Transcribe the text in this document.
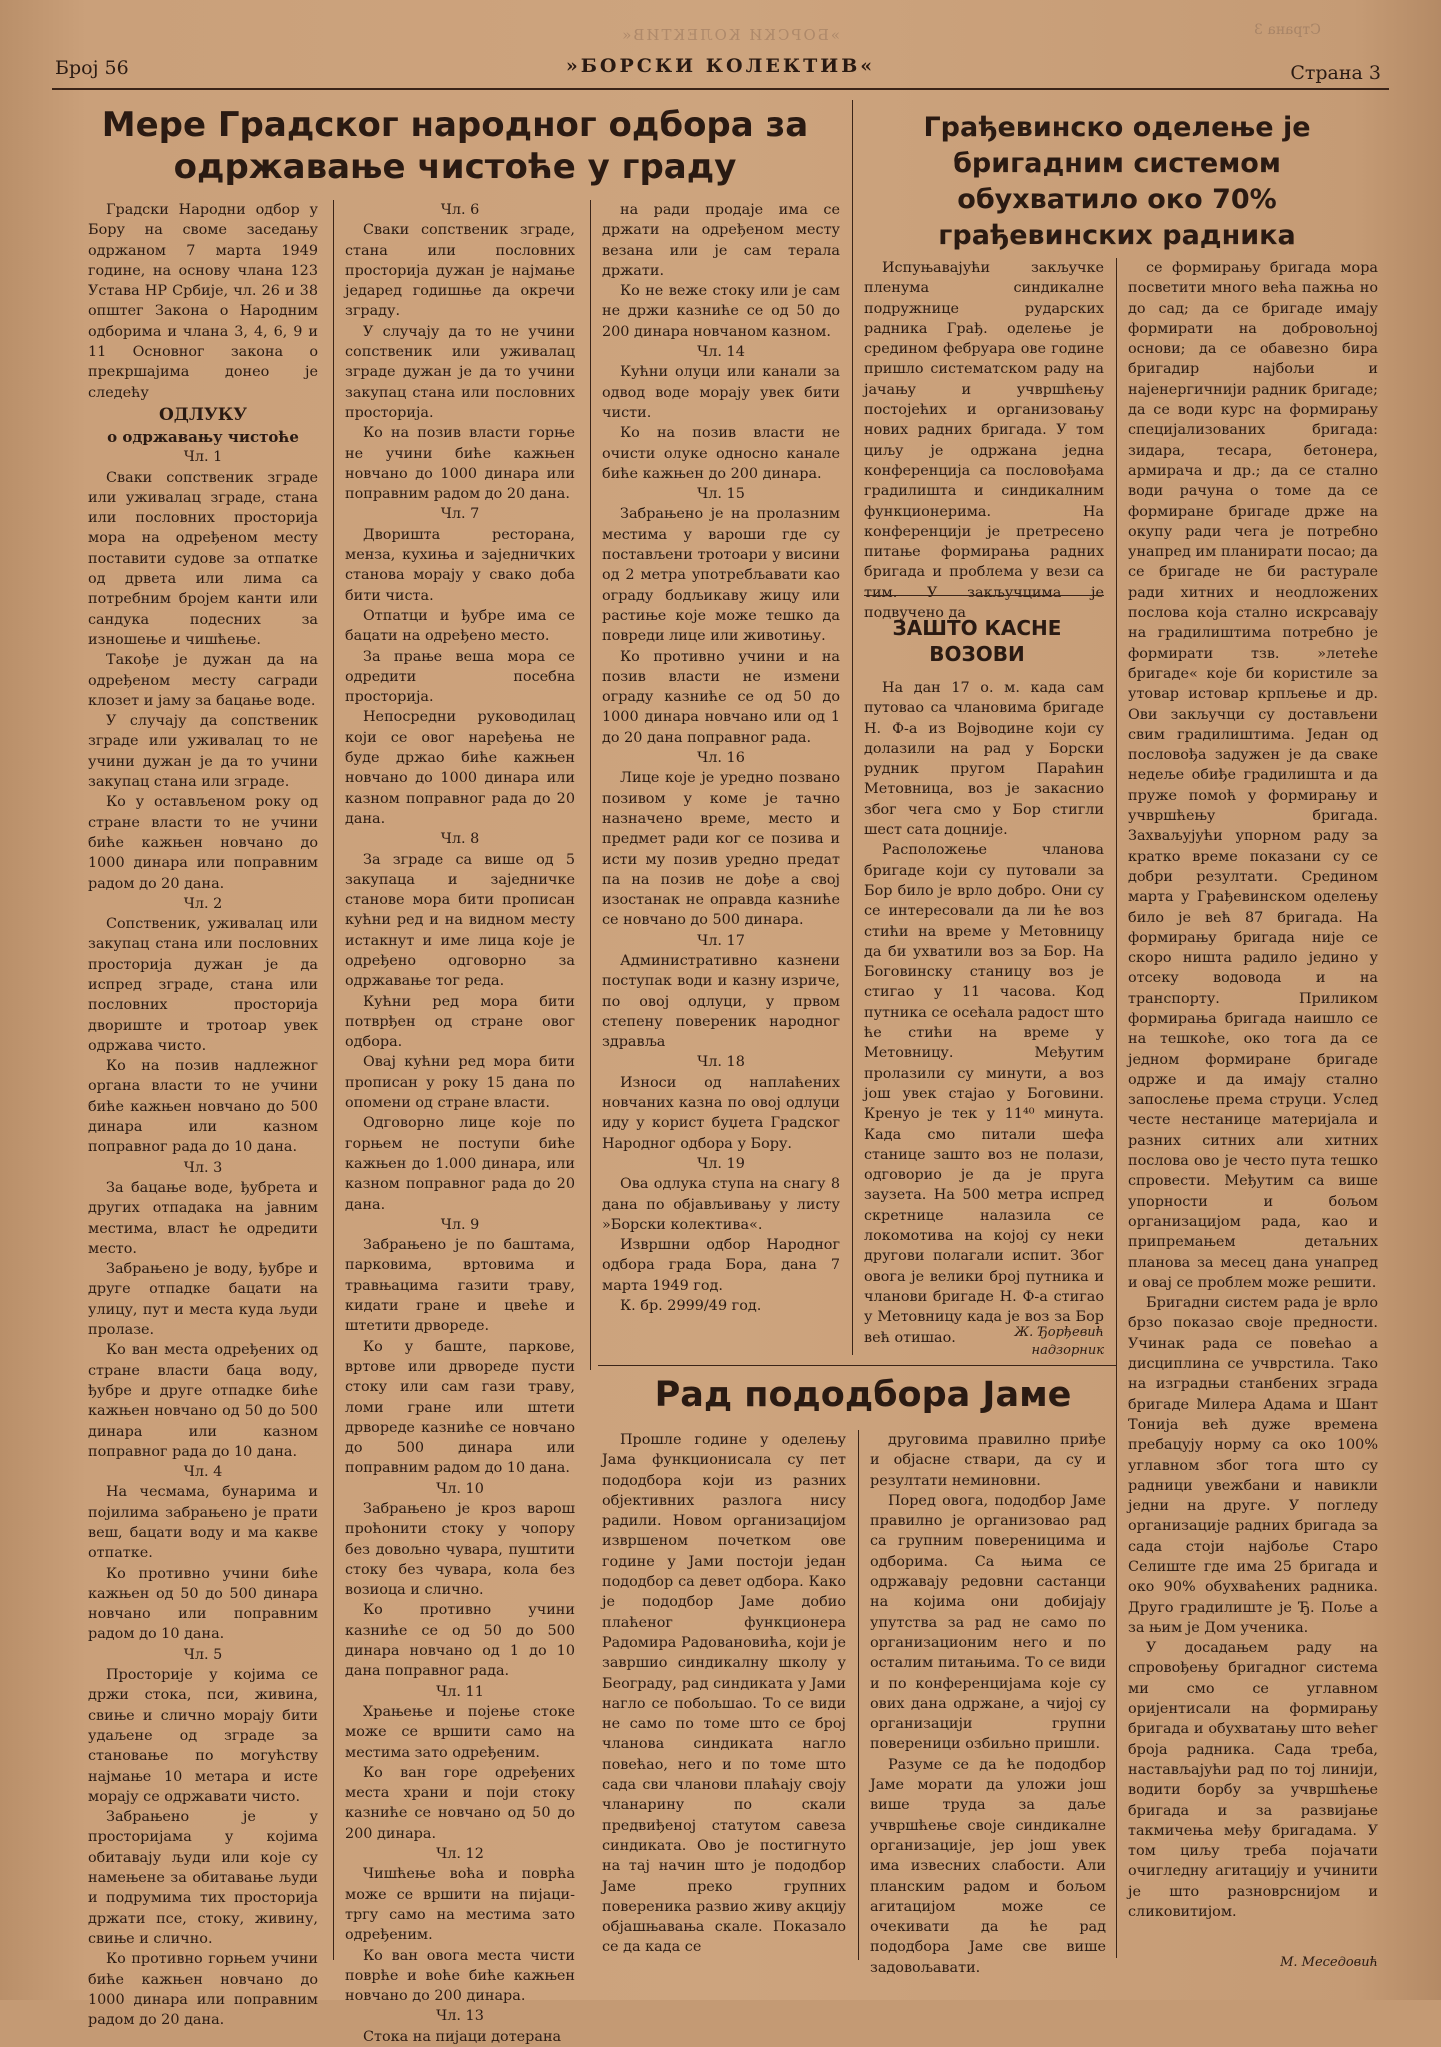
»БОРСКИ КОЛЕКТИВ«	Страна 3
Број 56	»БОРСКИ КОЛЕКТИВ«	Страна 3
Мере Градског народног одбора за одржавање чистоће у граду

Градски Народни одбор у Бору на своме заседању одржаном 7 марта 1949 године, на основу члана 123 Устава НР Србије, чл. 26 и 38 општег Закона о Народним одборима и члана 3, 4, 6, 9 и 11 Основног закона о прекршајима донео је следећу

ОДЛУКУ

о одржавању чистоће

Чл. 1

Сваки сопственик зграде или уживалац зграде, стана или пословних просторија мора на одређеном месту поставити судове за отпатке од дрвета или лима са потребним бројем канти или сандука подесних за изношење и чишћење.

Такође је дужан да на одређеном месту сагради клозет и јаму за бацање воде.

У случају да сопственик зграде или уживалац то не учини дужан је да то учини закупац стана или зграде.

Ко у остављеном року од стране власти то не учини биће кажњен новчано до 1000 динара или поправним радом до 20 дана.

Чл. 2

Сопственик, уживалац или закупац стана или пословних просторија дужан је да испред зграде, стана или пословних просторија двориште и тротоар увек одржава чисто.

Ко на позив надлежног органа власти то не учини биће кажњен новчано до 500 динара или казном поправног рада до 10 дана.

Чл. 3

За бацање воде, ђубрета и других отпадака на јавним местима, власт ће одредити место.

Забрањено је воду, ђубре и друге отпадке бацати на улицу, пут и места куда људи пролазе.

Ко ван места одређених од стране власти баца воду, ђубре и друге отпадке биће кажњен новчано од 50 до 500 динара или казном поправног рада до 10 дана.

Чл. 4

На чесмама, бунарима и појилима забрањено је прати веш, бацати воду и ма какве отпатке.

Ко противно учини биће кажњен од 50 до 500 динара новчано или поправним радом до 10 дана.

Чл. 5

Просторије у којима се држи стока, пси, живина, свиње и слично морају бити удаљене од зграде за становање по могућству најмање 10 метара и исте морају се одржавати чисто.

Забрањено је у просторијама у којима обитавају људи или које су намењене за обитавање људи и подрумима тих просторија држати псе, стоку, живину, свиње и слично.

Ко противно горњем учини биће кажњен новчано до 1000 динара или поправним радом до 20 дана.

Чл. 6

Сваки сопственик зграде, стана или пословних просторија дужан је најмање једаред годишње да окречи зграду.

У случају да то не учини сопственик или уживалац зграде дужан је да то учини закупац стана или пословних просторија.

Ко на позив власти горње не учини биће кажњен новчано до 1000 динара или поправним радом до 20 дана.

Чл. 7

Дворишта ресторана, менза, кухиња и заједничких станова морају у свако доба бити чиста.

Отпатци и ђубре има се бацати на одређено место.

За прање веша мора се одредити посебна просторија.

Непосредни руководилац који се овог наређења не буде држао биће кажњен новчано до 1000 динара или казном поправног рада до 20 дана.

Чл. 8

За зграде са више од 5 закупаца и заједничке станове мора бити прописан кућни ред и на видном месту истакнут и име лица које је одређено одговорно за одржавање тог реда.

Кућни ред мора бити потврђен од стране овог одбора.

Овај кућни ред мора бити прописан у року 15 дана по опомени од стране власти.

Одговорно лице које по горњем не поступи биће кажњен до 1.000 динара, или казном поправног рада до 20 дана.

Чл. 9

Забрањено је по баштама, парковима, вртовима и травњацима газити траву, кидати гране и цвеће и штетити дрвореде.

Ко у баште, паркове, вртове или дрвореде пусти стоку или сам гази траву, ломи гране или штети дрвореде казниће се новчано до 500 динара или поправним радом до 10 дана.

Чл. 10

Забрањено је кроз варош проћонити стоку у чопору без довољно чувара, пуштити стоку без чувара, кола без возиоца и слично.

Ко противно учини казниће се од 50 до 500 динара новчано од 1 до 10 дана поправног рада.

Чл. 11

Храњење и појење стоке може се вршити само на местима зато одређеним.

Ко ван горе одређених места храни и поји стоку казниће се новчано од 50 до 200 динара.

Чл. 12

Чишћење воћа и поврћа може се вршити на пијаци-тргу само на местима зато одређеним.

Ко ван овога места чисти поврће и воће биће кажњен новчано до 200 динара.

Чл. 13

Стока на пијаци дотерана

на ради продаје има се држати на одређеном месту везана или је сам терала држати.

Ко не веже стоку или је сам не држи казниће се од 50 до 200 динара новчаном казном.

Чл. 14

Кућни олуци или канали за одвод воде морају увек бити чисти.

Ко на позив власти не очисти олуке односно канале биће кажњен до 200 динара.

Чл. 15

Забрањено је на пролазним местима у вароши где су постављени тротоари у висини од 2 метра употребљавати као ограду бодљикаву жицу или растиње које може тешко да повреди лице или животињу.

Ко противно учини и на позив власти не измени ограду казниће се од 50 до 1000 динара новчано или од 1 до 20 дана поправног рада.

Чл. 16

Лице које је уредно позвано позивом у коме је тачно назначено време, место и предмет ради ког се позива и исти му позив уредно предат па на позив не дође а свој изостанак не оправда казниће се новчано до 500 динара.

Чл. 17

Административно казнени поступак води и казну изриче, по овој одлуци, у првом степену повереник народног здравља

Чл. 18

Износи од наплаћених новчаних казна по овој одлуци иду у корист буџета Градског Народног одбора у Бору.

Чл. 19

Ова одлука ступа на снагу 8 дана по објављивању у листу »Борски колектива«.

Извршни одбор Народног одбора града Бора, дана 7 марта 1949 год.

К. бр. 2999/49 год.

Грађевинско оделење је бригадним системом обухватило око 70% грађевинских радника

Испуњавајући закључке пленума синдикалне подружнице рударских радника Грађ. оделење је средином фебруара ове године пришло систематском раду на јачању и учвршћењу постојећих и организовању нових радних бригада. У том циљу је одржана једна конференција са пословођама градилишта и синдикалним функционерима. На конференцији је претресено питање формирања радних бригада и проблема у вези са тим. У закључцима је подвучено да

се формирању бригада мора посветити много већа пажња но до сад; да се бригаде имају формирати на добровољној основи; да се обавезно бира бригадир најбољи и најенергичнији радник бригаде; да се води курс на формирању специјализованих бригада: зидара, тесара, бетонера, армирача и др.; да се стално води рачуна о томе да се формиране бригаде држе на окупу ради чега је потребно унапред им планирати посао; да се бригаде не би растурале ради хитних и неодложених послова која стално искрсавају на градилиштима потребно је формирати тзв. »летеће бригаде« које би користиле за утовар истовар крпљење и др. Ови закључци су достављени свим градилиштима. Један од пословођа задужен је да сваке недеље обиђе градилишта и да пружe помоћ у формирању и учвршћењу бригада. Захваљујући упорном раду за кратко време показани су се добри резултати. Средином марта у Грађевинском оделењу било је већ 87 бригада. На формирању бригада није се скоро ништа радило једино у отсеку водовода и на транспорту. Приликом формирања бригада наишло се на тешкоће, око тога да се једном формиране бригаде одрже и да имају стално запослење према струци. Услед честе нестанице материјала и разних ситних али хитних послова ово је често пута тешко спровести. Међутим са више упорности и бољом организацијом рада, као и припремањем детаљних планова за месец дана унапред и овај се проблем може решити.

Бригадни систем рада је врло брзо показао своје предности. Учинак рада се повећао а дисциплина се учврстила. Тако на изградњи станбених зграда бригаде Милера Адама и Шант Тонија већ дуже времена пребацују норму са око 100% углавном због тога што су радници увежбани и навикли једни на друге. У погледу организације радних бригада за сада стоји најбоље Старо Селиште где има 25 бригада и око 90% обухваћених радника. Друго градилиште је Ђ. Поље а за њим је Дом ученика.

У досадањем раду на спровођењу бригадног система ми смо се углавном оријентисали на формирању бригада и обухватању што већег броја радника. Сада треба, настављајући рад по тој линији, водити борбу за учвршћење бригада и за развијање такмичења међу бригадама. У том циљу треба појачати очигледну агитацију и учинити је што разноврснијом и сликовитијом.

М. Меседовић
ЗАШТО КАСНЕ ВОЗОВИ

На дан 17 о. м. када сам путовао са члановима бригаде Н. Ф-а из Војводине који су долазили на рад у Борски рудник пругом Параћин Метовница, воз је закаснио због чега смо у Бор стигли шест сата доцније.

Расположење чланова бригаде који су путовали за Бор било је врло добро. Они су се интересовали да ли ће воз стићи на време у Метовницу да би ухватили воз за Бор. На Боговинску станицу воз је стигао у 11 часова. Код путника се осећала радост што ће стићи на време у Метовницу. Међутим пролазили су минути, а воз још увек стајао у Боговини. Кренуо је тек у 11⁴⁰ минута. Када смо питали шефа станице зашто воз не полази, одговорио је да је пруга заузета. На 500 метра испред скретнице налазила се локомотива на којој су неки другови полагали испит. Због овога је велики број путника и чланови бригаде Н. Ф-а стигао у Метовницу када је воз за Бор већ отишао.	Ж. Ђорђевић
надзорник
Рад пододбора Јаме

Прошле године у оделењу Јама функционисала су пет пододбора који из разних објективних разлога нису радили. Новом организацијом извршеном почетком ове године у Јами постоји један пододбор са девет одбора. Како је пододбор Јаме добио плаћеног функционера Радомира Радовановића, који је завршио синдикалну школу у Београду, рад синдиката у Јами нагло се побољшао. То се види не само по томе што се број чланова синдиката нагло повећао, него и по томе што сада сви чланови плаћају своју чланарину по скали предвиђеној статутом савеза синдиката. Ово је постигнуто на тај начин што је пододбор Јаме преко групних повереника развио живу акцију објашњавања скале. Показало се да када се

друговима правилно приђе и објасне ствари, да су и резултати неминовни.

Поред овога, пододбор Јаме правилно је организовао рад са групним повереницима и одборима. Са њима се одржавају редовни састанци на којима они добијају упутства за рад не само по организационим него и по осталим питањима. То се види и по конференцијама које су ових дана одржане, а чијој су организацији групни повереници озбиљно пришли.

Разуме се да ће пододбор Јаме морати да уложи још више труда за даље учвршћење своје синдикалне организације, јер још увек има извесних слабости. Али планским радом и бољом агитацијом може се очекивати да ће рад пододбора Јаме све више задовољавати.
